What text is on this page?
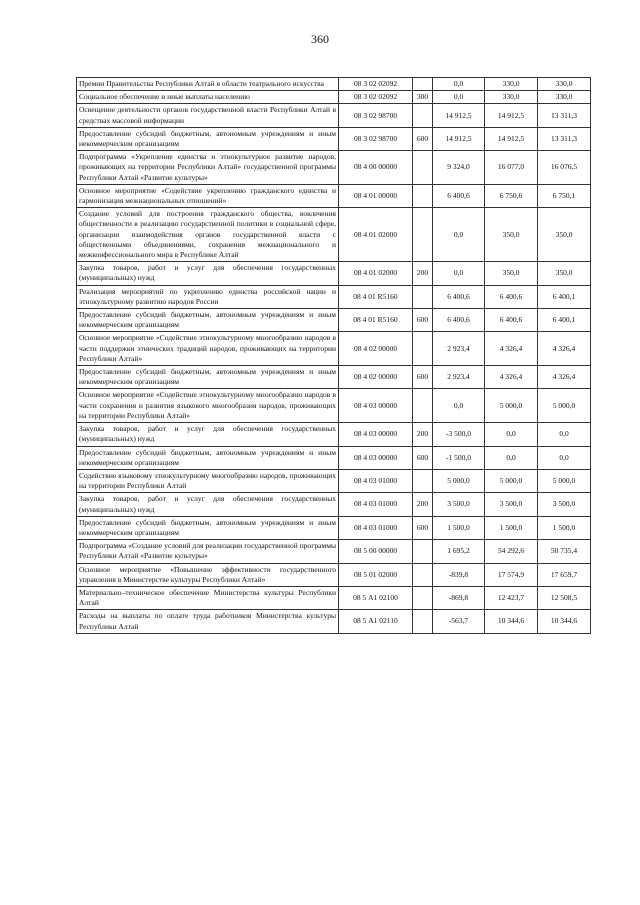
360
Премии Правительства Республики Алтай в области театрального искусства	08 3 02 02092		0,0	330,0	330,0
Социальное обеспечение и иные выплаты населению	08 3 02 02092	300	0,0	330,0	330,0
Освещение деятельности органов государственной власти Республики Алтай в средствах массовой информации	08 3 02 98700		14 912,5	14 912,5	13 311,3
Предоставление субсидий бюджетным, автономным учреждениям и иным некоммерческим организациям	08 3 02 98700	600	14 912,5	14 912,5	13 311,3
Подпрограмма «Укрепление единства и этнокультурное развитие народов, проживающих на территории Республики Алтай» государственной программы Республики Алтай «Развитие культуры»	08 4 00 00000		9 324,0	16 077,0	16 076,5
Основное мероприятие «Содействие укреплению гражданского единства и гармонизация межнациональных отношений»	08 4 01 00000		6 400,6	6 750,6	6 750,1
Создание условий для построения гражданского общества, вовлечения общественности в реализацию государственной политики в социальной сфере, организации взаимодействия органов государственной власти с общественными объединениями, сохранения межнационального и межконфессионального мира в Республике Алтай	08 4 01 02000		0,0	350,0	350,0
Закупка товаров, работ и услуг для обеспечения государственных (муниципальных) нужд	08 4 01 02000	200	0,0	350,0	350,0
Реализация мероприятий по укреплению единства российской нации и этнокультурному развитию народов России	08 4 01 R5160		6 400,6	6 400,6	6 400,1
Предоставление субсидий бюджетным, автономным учреждениям и иным некоммерческим организациям	08 4 01 R5160	600	6 400,6	6 400,6	6 400,1
Основное мероприятие «Содействие этнокультурному многообразию народов в части поддержки этнических традиций народов, проживающих на территории Республики Алтай»	08 4 02 00000		2 923,4	4 326,4	4 326,4
Предоставление субсидий бюджетным, автономным учреждениям и иным некоммерческим организациям	08 4 02 00000	600	2 923,4	4 326,4	4 326,4
Основное мероприятие «Содействие этнокультурному многообразию народов в части сохранения и развития языкового многообразия народов, проживающих на территории Республики Алтай»	08 4 03 00000		0,0	5 000,0	5 000,0
Закупка товаров, работ и услуг для обеспечения государственных (муниципальных) нужд	08 4 03 00000	200	-3 500,0	0,0	0,0
Предоставление субсидий бюджетным, автономным учреждениям и иным некоммерческим организациям	08 4 03 00000	600	-1 500,0	0,0	0,0
Содействие языковому этнокультурному многообразию народов, проживающих на территории Республики Алтай	08 4 03 01000		5 000,0	5 000,0	5 000,0
Закупка товаров, работ и услуг для обеспечения государственных (муниципальных) нужд	08 4 03 01000	200	3 500,0	3 500,0	3 500,0
Предоставление субсидий бюджетным, автономным учреждениям и иным некоммерческим организациям	08 4 03 01000	600	1 500,0	1 500,0	1 500,0
Подпрограмма «Создание условий для реализации государственной программы Республики Алтай «Развитие культуры»	08 5 00 00000		1 695,2	54 292,6	50 735,4
Основное мероприятие «Повышение эффективности государственного управления в Министерстве культуры Республики Алтай»	08 5 01 02000		-839,8	17 574,9	17 659,7
Материально–техническое обеспечение Министерства культуры Республики Алтай	08 5 А1 02100		-869,8	12 423,7	12 508,5
Расходы на выплаты по оплате труда работников Министерства культуры Республики Алтай	08 5 А1 02110		-563,7	10 344,6	10 344,6
